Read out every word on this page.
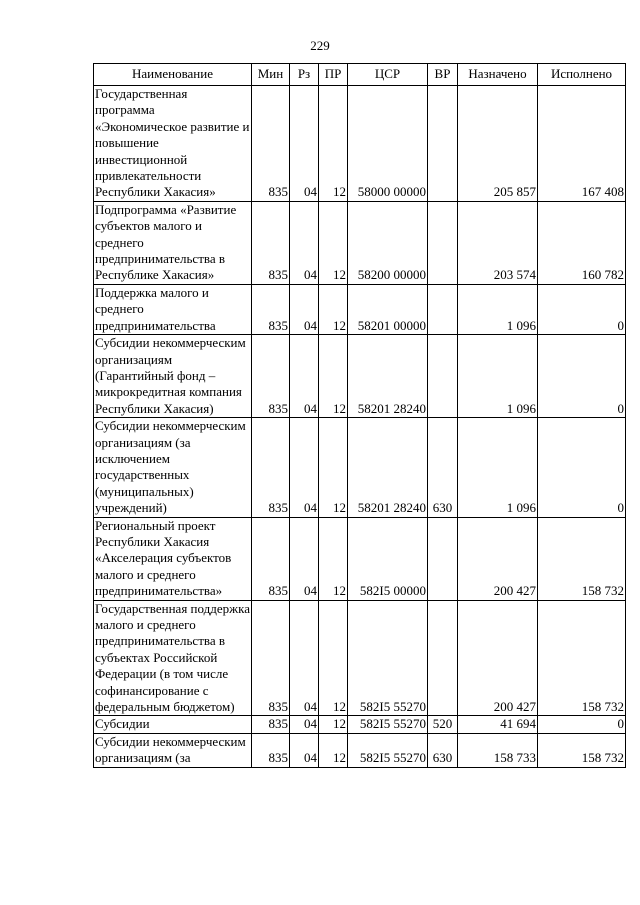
229
Наименование	Мин	Рз	ПР	ЦСР	ВР	Назначено	Исполнено
Государственная программа «Экономическое развитие и повышение инвестиционной привлекательности Республики Хакасия»	835	04	12	58000 00000		205 857	167 408
Подпрограмма «Развитие субъектов малого и среднего предпринимательства в Республике Хакасия»	835	04	12	58200 00000		203 574	160 782
Поддержка малого и среднего предпринимательства	835	04	12	58201 00000		1 096	0
Субсидии некоммерческим организациям (Гарантийный фонд – микрокредитная компания Республики Хакасия)	835	04	12	58201 28240		1 096	0
Субсидии некоммерческим организациям (за исключением государственных (муниципальных) учреждений)	835	04	12	58201 28240	630	1 096	0
Региональный проект Республики Хакасия «Акселерация субъектов малого и среднего предпринимательства»	835	04	12	582I5 00000		200 427	158 732
Государственная поддержка малого и среднего предпринимательства в субъектах Российской Федерации (в том числе софинансирование с федеральным бюджетом)	835	04	12	582I5 55270		200 427	158 732
Субсидии	835	04	12	582I5 55270	520	41 694	0
Субсидии некоммерческим организациям (за	835	04	12	582I5 55270	630	158 733	158 732
